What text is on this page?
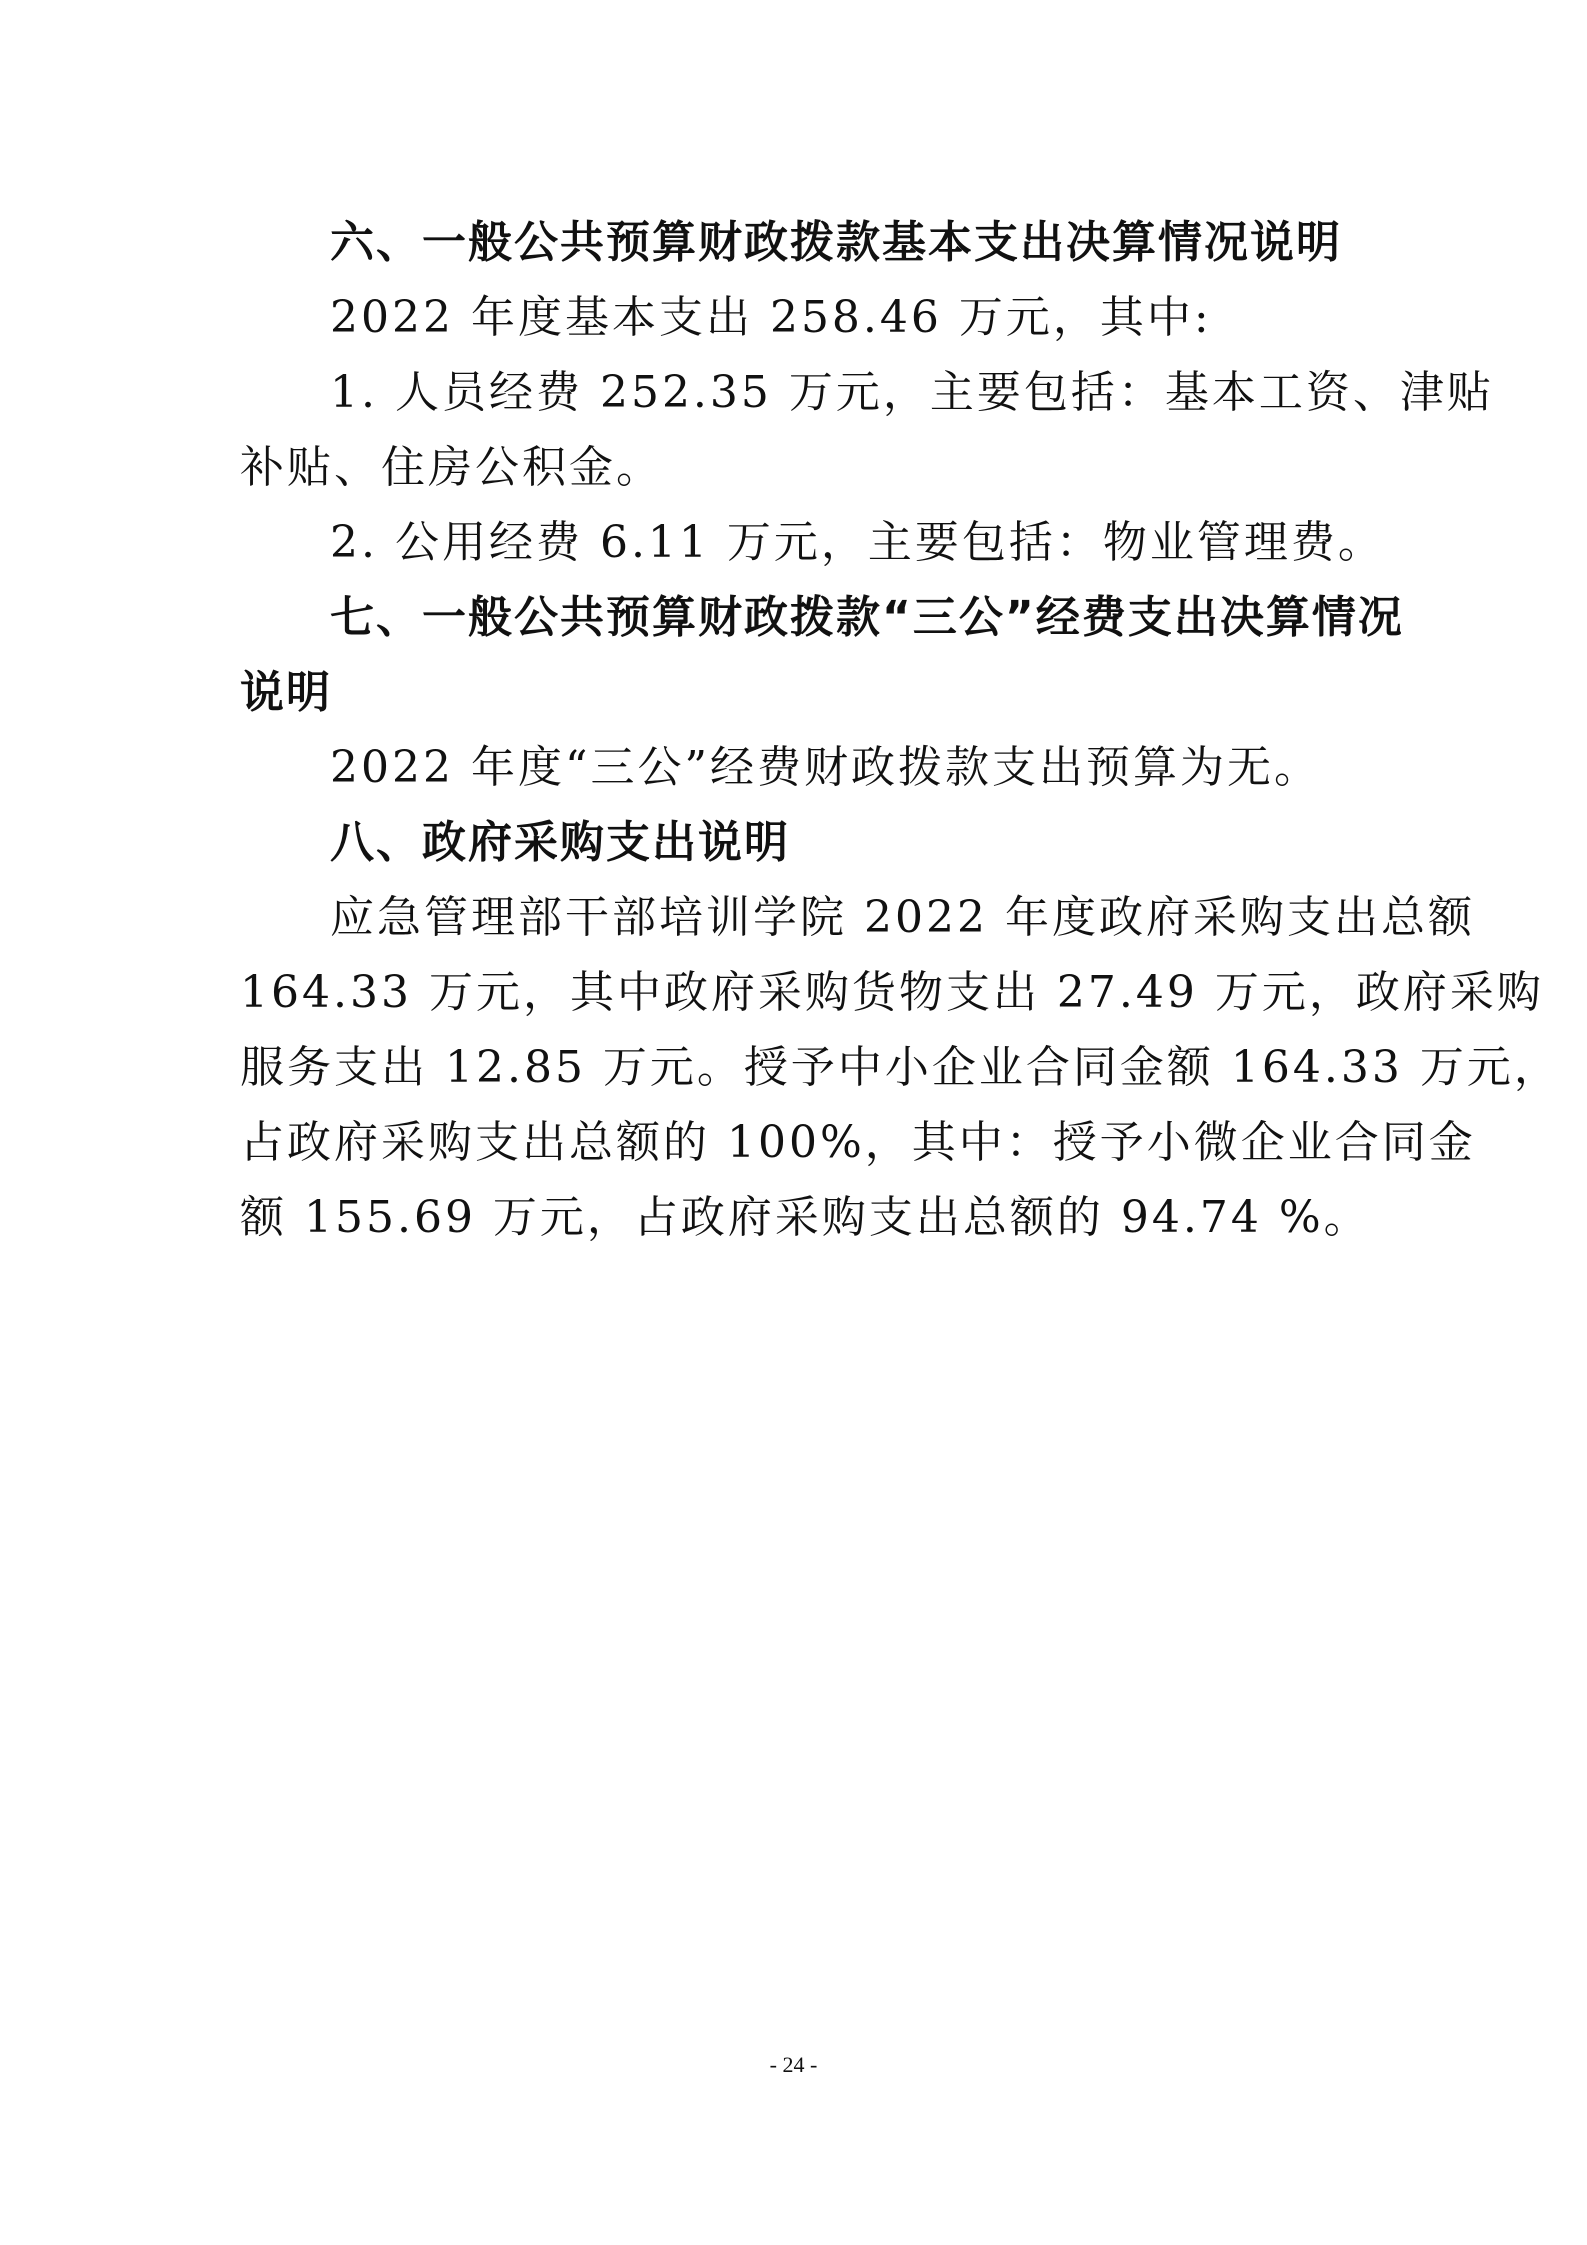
六、一般公共预算财政拨款基本支出决算情况说明
2022 年度基本支出 258.46 万元，其中:
1. 人员经费 252.35 万元，主要包括：基本工资、津贴
补贴、住房公积金。
2. 公用经费 6.11 万元，主要包括：物业管理费。
七、一般公共预算财政拨款“三公”经费支出决算情况
说明
2022 年度“三公”经费财政拨款支出预算为无。
八、政府采购支出说明
应急管理部干部培训学院 2022 年度政府采购支出总额
164.33 万元，其中政府采购货物支出 27.49 万元，政府采购
服务支出 12.85 万元。授予中小企业合同金额 164.33 万元，
占政府采购支出总额的 100%，其中：授予小微企业合同金
额 155.69 万元，占政府采购支出总额的 94.74 %。
- 24 -
